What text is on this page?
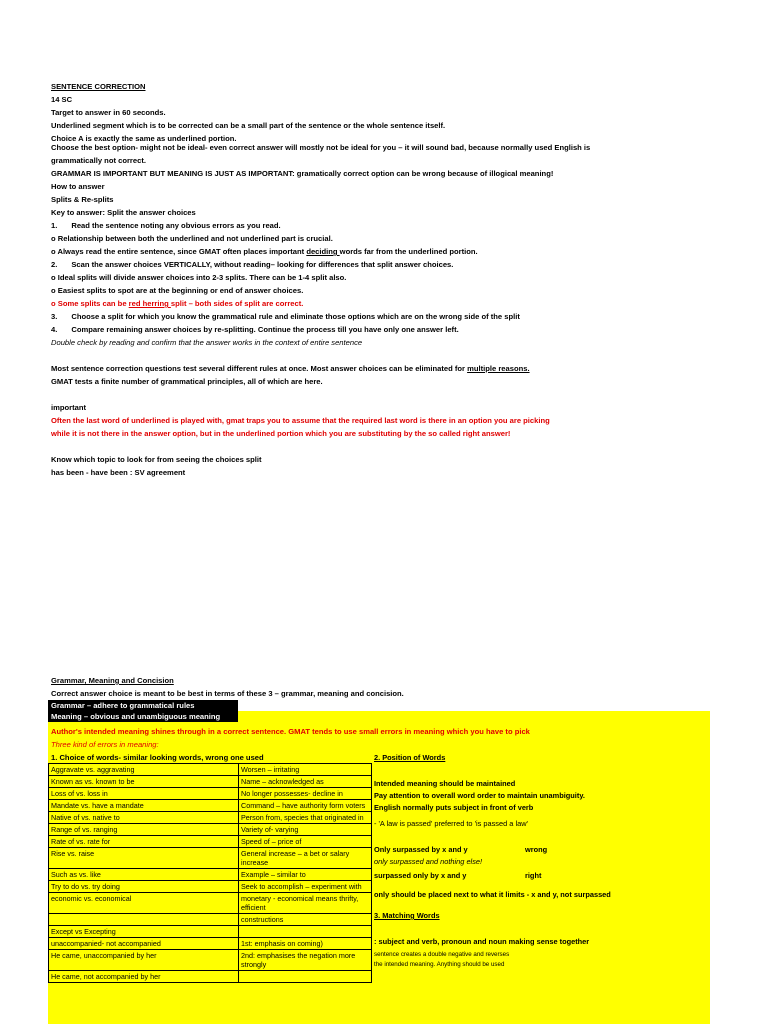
SENTENCE CORRECTION
14 SC
Target to answer in 60 seconds.
Underlined segment which is to be corrected can be a small part of the sentence or the whole sentence itself.
Choice A is exactly the same as underlined portion.
Choose the best option- might not be ideal- even correct answer will mostly not be ideal for you – it will sound bad, because normally used English is
grammatically not correct.
GRAMMAR IS IMPORTANT BUT MEANING IS JUST AS IMPORTANT: gramatically correct option can be wrong because of illogical meaning!
How to answer
Splits & Re-splits
Key to answer: Split the answer choices
1. Read the sentence noting any obvious errors as you read.
o Relationship between both the underlined and not underlined part is crucial.
o Always read the entire sentence, since GMAT often places important deciding words far from the underlined portion.
2. Scan the answer choices VERTICALLY, without reading– looking for differences that split answer choices.
o Ideal splits will divide answer choices into 2-3 splits. There can be 1-4 split also.
o Easiest splits to spot are at the beginning or end of answer choices.
o Some splits can be red herring split – both sides of split are correct.
3. Choose a split for which you know the grammatical rule and eliminate those options which are on the wrong side of the split
4. Compare remaining answer choices by re-splitting. Continue the process till you have only one answer left.
Double check by reading and confirm that the answer works in the context of entire sentence
Most sentence correction questions test several different rules at once. Most answer choices can be eliminated for multiple reasons.
GMAT tests a finite number of grammatical principles, all of which are here.
important
Often the last word of underlined is played with, gmat traps you to assume that the required last word is there in an option you are picking
while it is not there in the answer option, but in the underlined portion which you are substituting by the so called right answer!
Know which topic to look for from seeing the choices split
has been - have been : SV agreement
Grammar, Meaning and Concision
Correct answer choice is meant to be best in terms of these 3 – grammar, meaning and concision.
Grammar – adhere to grammatical rules
Meaning – obvious and unambiguous meaning
Author's intended meaning shines through in a correct sentence. GMAT tends to use small errors in meaning which you have to pick
Three kind of errors in meaning:
1. Choice of words- similar looking words, wrong one used
Aggravate vs. aggravating	Worsen – irritating
Known as vs. known to be	Name – acknowledged as
Loss of vs. loss in	No longer possesses- decline in
Mandate vs. have a mandate	Command – have authority form voters
Native of vs. native to	Person from, species that originated in
Range of vs. ranging	Variety of- varying
Rate of vs. rate for	Speed of – price of
Rise vs. raise	General increase – a bet or salary increase
Such as vs. like	Example – similar to
Try to do vs. try doing	Seek to accomplish – experiment with
economic vs. economical	monetary - economical means thrifty, efficient
	constructions
Except vs Excepting	
unaccompanied- not accompanied	1st: emphasis on coming)
He came, unaccompanied by her	2nd: emphasises the negation more strongly
He came, not accompanied by her	
2. Position of Words
Intended meaning should be maintained
Pay attention to overall word order to maintain unambiguity.
English normally puts subject in front of verb
- 'A law is passed' preferred to 'is passed a law'
Only surpassed by x and y	wrong
only surpassed and nothing else!
surpassed only by x and y	right
only should be placed next to what it limits - x and y, not surpassed
3. Matching Words
: subject and verb, pronoun and noun making sense together
sentence creates a double negative and reverses
the intended meaning. Anything should be used
